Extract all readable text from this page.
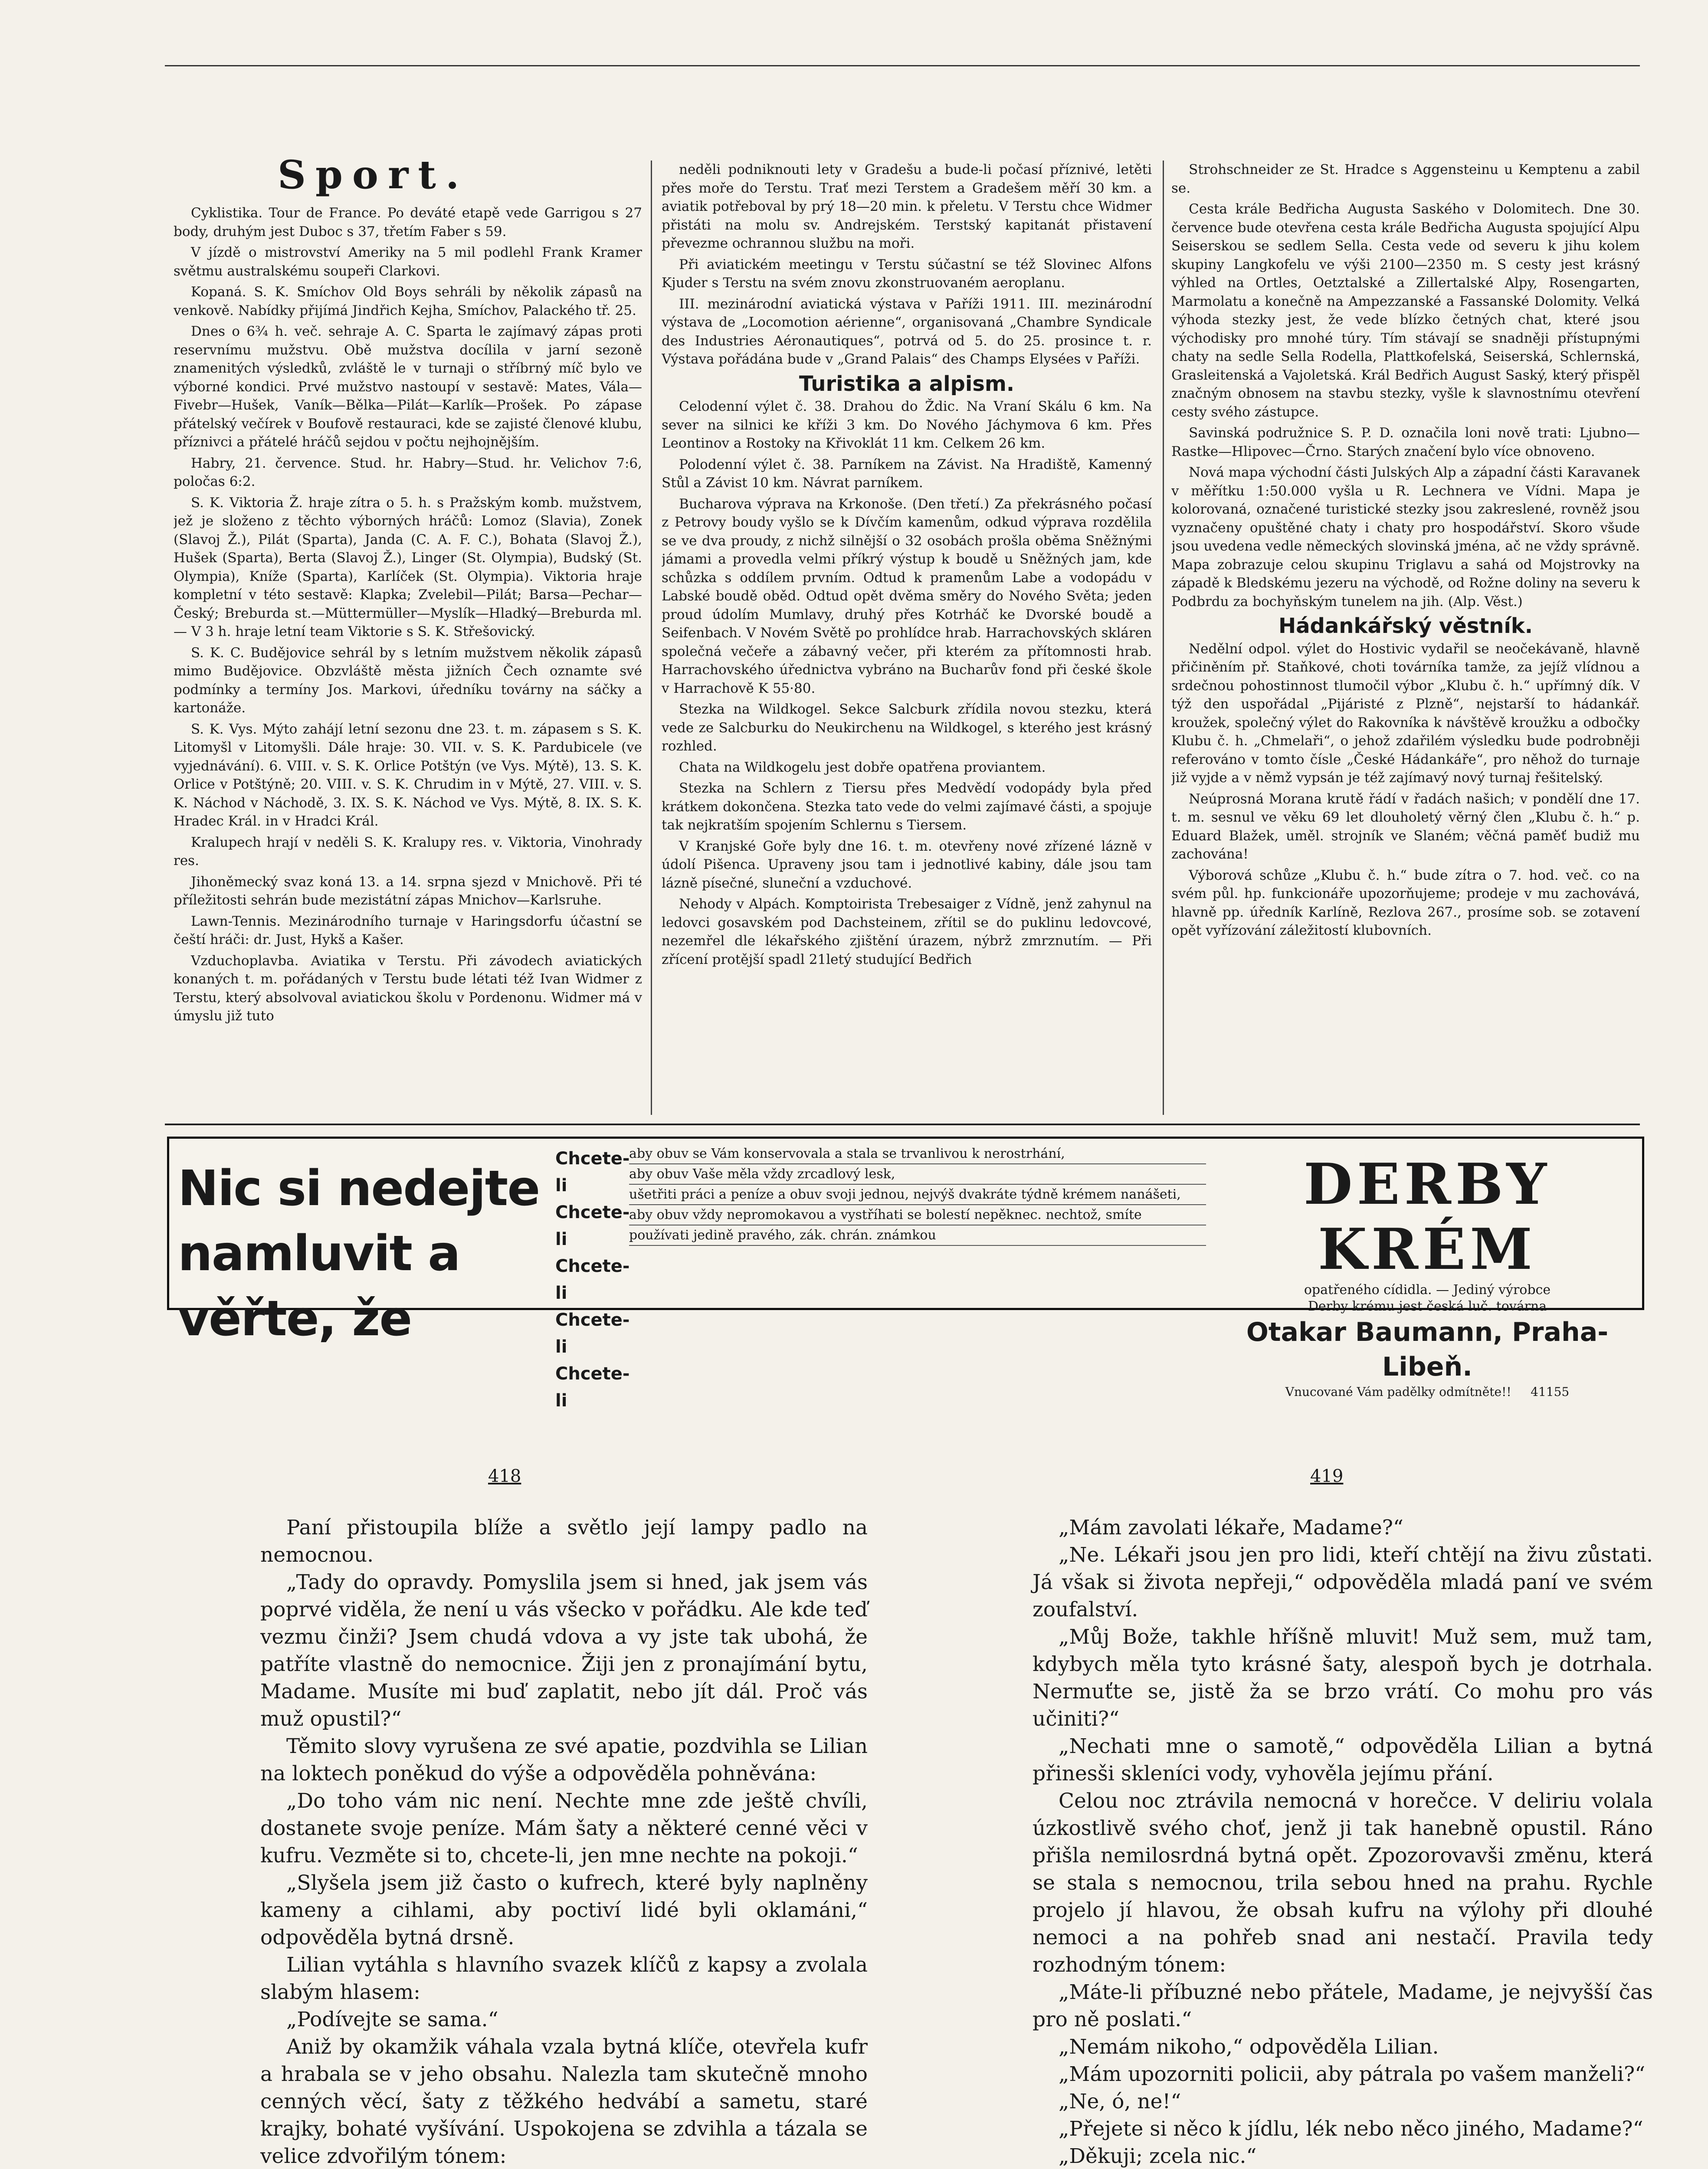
Sport.

Cyklistika. Tour de France. Po deváté etapě vede Garrigou s 27 body, druhým jest Duboc s 37, třetím Faber s 59.

V jízdě o mistrovství Ameriky na 5 mil podlehl Frank Kramer světmu australskému soupeři Clarkovi.

Kopaná. S. K. Smíchov Old Boys sehráli by několik zápasů na venkově. Nabídky přijímá Jindřich Kejha, Smíchov, Palackého tř. 25.

Dnes o 6¾ h. več. sehraje A. C. Sparta le zajímavý zápas proti reservnímu mužstvu. Obě mužstva docílila v jarní sezoně znamenitých výsledků, zvláště le v turnaji o stříbrný míč bylo ve výborné kondici. Prvé mužstvo nastoupí v sestavě: Mates, Vála—Fivebr—Hušek, Vaník—Bělka—Pilát—Karlík—Prošek. Po zápase přátelský večírek v Boufově restauraci, kde se zajisté členové klubu, příznivci a přátelé hráčů sejdou v počtu nejhojnějším.

Habry, 21. července. Stud. hr. Habry—Stud. hr. Velichov 7:6, poločas 6:2.

S. K. Viktoria Ž. hraje zítra o 5. h. s Pražským komb. mužstvem, jež je složeno z těchto výborných hráčů: Lomoz (Slavia), Zonek (Slavoj Ž.), Pilát (Sparta), Janda (C. A. F. C.), Bohata (Slavoj Ž.), Hušek (Sparta), Berta (Slavoj Ž.), Linger (St. Olympia), Budský (St. Olympia), Kníže (Sparta), Karlíček (St. Olympia). Viktoria hraje kompletní v této sestavě: Klapka; Zvelebil—Pilát; Barsa—Pechar—Český; Breburda st.—Müttermüller—Myslík—Hladký—Breburda ml. — V 3 h. hraje letní team Viktorie s S. K. Střešovický.

S. K. C. Budějovice sehrál by s letním mužstvem několik zápasů mimo Budějovice. Obzvláště města jižních Čech oznamte své podmínky a termíny Jos. Markovi, úředníku továrny na sáčky a kartonáže.

S. K. Vys. Mýto zahájí letní sezonu dne 23. t. m. zápasem s S. K. Litomyšl v Litomyšli. Dále hraje: 30. VII. v. S. K. Pardubicele (ve vyjednávání). 6. VIII. v. S. K. Orlice Potštýn (ve Vys. Mýtě), 13. S. K. Orlice v Potštýně; 20. VIII. v. S. K. Chrudim in v Mýtě, 27. VIII. v. S. K. Náchod v Náchodě, 3. IX. S. K. Náchod ve Vys. Mýtě, 8. IX. S. K. Hradec Král. in v Hradci Král.

Kralupech hrají v neděli S. K. Kralupy res. v. Viktoria, Vinohrady res.

Jihoněmecký svaz koná 13. a 14. srpna sjezd v Mnichově. Při té příležitosti sehrán bude mezistátní zápas Mnichov—Karlsruhe.

Lawn-Tennis. Mezinárodního turnaje v Haringsdorfu účastní se čeští hráči: dr. Just, Hykš a Kašer.

Vzduchoplavba. Aviatika v Terstu. Při závodech aviatických konaných t. m. pořádaných v Terstu bude létati též Ivan Widmer z Terstu, který absolvoval aviatickou školu v Pordenonu. Widmer má v úmyslu již tuto

neděli podniknouti lety v Gradešu a bude-li počasí příznivé, letěti přes moře do Terstu. Trať mezi Terstem a Gradešem měří 30 km. a aviatik potřeboval by prý 18—20 min. k přeletu. V Terstu chce Widmer přistáti na molu sv. Andrejském. Terstský kapitanát přistavení převezme ochrannou službu na moři.

Při aviatickém meetingu v Terstu súčastní se též Slovinec Alfons Kjuder s Terstu na svém znovu zkonstruovaném aeroplanu.

III. mezinárodní aviatická výstava v Paříži 1911. III. mezinárodní výstava de „Locomotion aérienne“, organisovaná „Chambre Syndicale des Industries Aéronautiques“, potrvá od 5. do 25. prosince t. r. Výstava pořádána bude v „Grand Palais“ des Champs Elysées v Paříži.

Turistika a alpism.

Celodenní výlet č. 38. Drahou do Ždic. Na Vraní Skálu 6 km. Na sever na silnici ke kříži 3 km. Do Nového Jáchymova 6 km. Přes Leontinov a Rostoky na Křivoklát 11 km. Celkem 26 km.

Polodenní výlet č. 38. Parníkem na Závist. Na Hradiště, Kamenný Stůl a Závist 10 km. Návrat parníkem.

Bucharova výprava na Krkonoše. (Den třetí.) Za překrásného počasí z Petrovy boudy vyšlo se k Dívčím kamenům, odkud výprava rozdělila se ve dva proudy, z nichž silnější o 32 osobách prošla oběma Sněžnými jámami a provedla velmi příkrý výstup k boudě u Sněžných jam, kde schůzka s oddílem prvním. Odtud k pramenům Labe a vodopádu v Labské boudě oběd. Odtud opět dvěma směry do Nového Světa; jeden proud údolím Mumlavy, druhý přes Kotrháč ke Dvorské boudě a Seifenbach. V Novém Světě po prohlídce hrab. Harrachovských skláren společná večeře a zábavný večer, při kterém za přítomnosti hrab. Harrachovského úřednictva vybráno na Bucharův fond při české škole v Harrachově K 55·80.

Stezka na Wildkogel. Sekce Salcburk zřídila novou stezku, která vede ze Salcburku do Neukirchenu na Wildkogel, s kterého jest krásný rozhled.

Chata na Wildkogelu jest dobře opatřena proviantem.

Stezka na Schlern z Tiersu přes Medvědí vodopády byla před krátkem dokončena. Stezka tato vede do velmi zajímavé části, a spojuje tak nejkratším spojením Schlernu s Tiersem.

V Kranjské Goře byly dne 16. t. m. otevřeny nové zřízené lázně v údolí Pišenca. Upraveny jsou tam i jednotlivé kabiny, dále jsou tam lázně písečné, sluneční a vzduchové.

Nehody v Alpách. Komptoirista Trebesaiger z Vídně, jenž zahynul na ledovci gosavském pod Dachsteinem, zřítil se do puklinu ledovcové, nezemřel dle lékařského zjištění úrazem, nýbrž zmrznutím. — Při zřícení protější spadl 21letý studující Bedřich

Strohschneider ze St. Hradce s Aggensteinu u Kemptenu a zabil se.

Cesta krále Bedřicha Augusta Saského v Dolomitech. Dne 30. července bude otevřena cesta krále Bedřicha Augusta spojující Alpu Seiserskou se sedlem Sella. Cesta vede od severu k jihu kolem skupiny Langkofelu ve výši 2100—2350 m. S cesty jest krásný výhled na Ortles, Oetztalské a Zillertalské Alpy, Rosengarten, Marmolatu a konečně na Ampezzanské a Fassanské Dolomity. Velká výhoda stezky jest, že vede blízko četných chat, které jsou východisky pro mnohé túry. Tím stávají se snadněji přístupnými chaty na sedle Sella Rodella, Plattkofelská, Seiserská, Schlernská, Grasleitenská a Vajoletská. Král Bedřich August Saský, který přispěl značným obnosem na stavbu stezky, vyšle k slavnostnímu otevření cesty svého zástupce.

Savinská podružnice S. P. D. označila loni nově trati: Ljubno—Rastke—Hlipovec—Črno. Starých značení bylo více obnoveno.

Nová mapa východní části Julských Alp a západní části Karavanek v měřítku 1:50.000 vyšla u R. Lechnera ve Vídni. Mapa je kolorovaná, označené turistické stezky jsou zakreslené, rovněž jsou vyznačeny opuštěné chaty i chaty pro hospodářství. Skoro všude jsou uvedena vedle německých slovinská jména, ač ne vždy správně. Mapa zobrazuje celou skupinu Triglavu a sahá od Mojstrovky na západě k Bledskému jezeru na východě, od Rožne doliny na severu k Podbrdu za bochyňským tunelem na jih. (Alp. Věst.)

Hádankářský věstník.

Nedělní odpol. výlet do Hostivic vydařil se neočekávaně, hlavně přičiněním př. Staňkové, choti továrníka tamže, za jejíž vlídnou a srdečnou pohostinnost tlumočil výbor „Klubu č. h.“ upřímný dík. V týž den uspořádal „Pijáristé z Plzně“, nejstarší to hádankář. kroužek, společný výlet do Rakovníka k návštěvě kroužku a odbočky Klubu č. h. „Chmelaři“, o jehož zdařilém výsledku bude podrobněji referováno v tomto čísle „České Hádankáře“, pro něhož do turnaje již vyjde a v němž vypsán je též zajímavý nový turnaj řešitelský.

Neúprosná Morana krutě řádí v řadách našich; v pondělí dne 17. t. m. sesnul ve věku 69 let dlouholetý věrný člen „Klubu č. h.“ p. Eduard Blažek, uměl. strojník ve Slaném; věčná paměť budiž mu zachována!

Výborová schůze „Klubu č. h.“ bude zítra o 7. hod. več. co na svém půl. hp. funkcionáře upozorňujeme; prodeje v mu zachovává, hlavně pp. úředník Karlíně, Rezlova 267., prosíme sob. se zotavení opět vyřízování záležitostí klubovních.

Nic si nedejte namluvit a věřte, že
Chcete-li
Chcete-li
Chcete-li
Chcete-li
Chcete-li
aby obuv se Vám konservovala a stala se trvanlivou k nerostrhání,
aby obuv Vaše měla vždy zrcadlový lesk,
ušetřiti práci a peníze a obuv svoji jednou, nejvýš dvakráte týdně krémem nanášeti,
aby obuv vždy nepromokavou a vystříhati se bolestí nepěknec. nechtož, smíte
používati jedině pravého, zák. chrán. známkou
DERBY KRÉM
opatřeného cídidla. — Jediný výrobce
Derby krému jest česká luč. továrna
Otakar Baumann, Praha-Libeň.
Vnucované Vám padělky odmítněte!! 41155
418	419

Paní přistoupila blíže a světlo její lampy padlo na nemocnou.

„Tady do opravdy. Pomyslila jsem si hned, jak jsem vás poprvé viděla, že není u vás všecko v pořádku. Ale kde teď vezmu činži? Jsem chudá vdova a vy jste tak ubohá, že patříte vlastně do nemocnice. Žiji jen z pronajímání bytu, Madame. Musíte mi buď zaplatit, nebo jít dál. Proč vás muž opustil?“

Těmito slovy vyrušena ze své apatie, pozdvihla se Lilian na loktech poněkud do výše a odpověděla pohněvána:

„Do toho vám nic není. Nechte mne zde ještě chvíli, dostanete svoje peníze. Mám šaty a některé cenné věci v kufru. Vezměte si to, chcete-li, jen mne nechte na pokoji.“

„Slyšela jsem již často o kufrech, které byly naplněny kameny a cihlami, aby poctiví lidé byli oklamáni,“ odpověděla bytná drsně.

Lilian vytáhla s hlavního svazek klíčů z kapsy a zvolala slabým hlasem:

„Podívejte se sama.“

Aniž by okamžik váhala vzala bytná klíče, otevřela kufr a hrabala se v jeho obsahu. Nalezla tam skutečně mnoho cenných věcí, šaty z těžkého hedvábí a sametu, staré krajky, bohaté vyšívání. Uspokojena se zdvihla a tázala se velice zdvořilým tónem:

„Mám zavolati lékaře, Madame?“

„Ne. Lékaři jsou jen pro lidi, kteří chtějí na živu zůstati. Já však si života nepřeji,“ odpověděla mladá paní ve svém zoufalství.

„Můj Bože, takhle hříšně mluvit! Muž sem, muž tam, kdybych měla tyto krásné šaty, alespoň bych je dotrhala. Nermuťte se, jistě ža se brzo vrátí. Co mohu pro vás učiniti?“

„Nechati mne o samotě,“ odpověděla Lilian a bytná přinesši skleníci vody, vyhověla jejímu přání.

Celou noc ztrávila nemocná v horečce. V deliriu volala úzkostlivě svého choť, jenž ji tak hanebně opustil. Ráno přišla nemilosrdná bytná opět. Zpozorovavši změnu, která se stala s nemocnou, trila sebou hned na prahu. Rychle projelo jí hlavou, že obsah kufru na výlohy při dlouhé nemoci a na pohřeb snad ani nestačí. Pravila tedy rozhodným tónem:

„Máte-li příbuzné nebo přátele, Madame, je nejvyšší čas pro ně poslati.“

„Nemám nikoho,“ odpověděla Lilian.

„Mám upozorniti policii, aby pátrala po vašem manželi?“

„Ne, ó, ne!“

„Přejete si něco k jídlu, lék nebo něco jiného, Madame?“

„Děkuji; zcela nic.“
